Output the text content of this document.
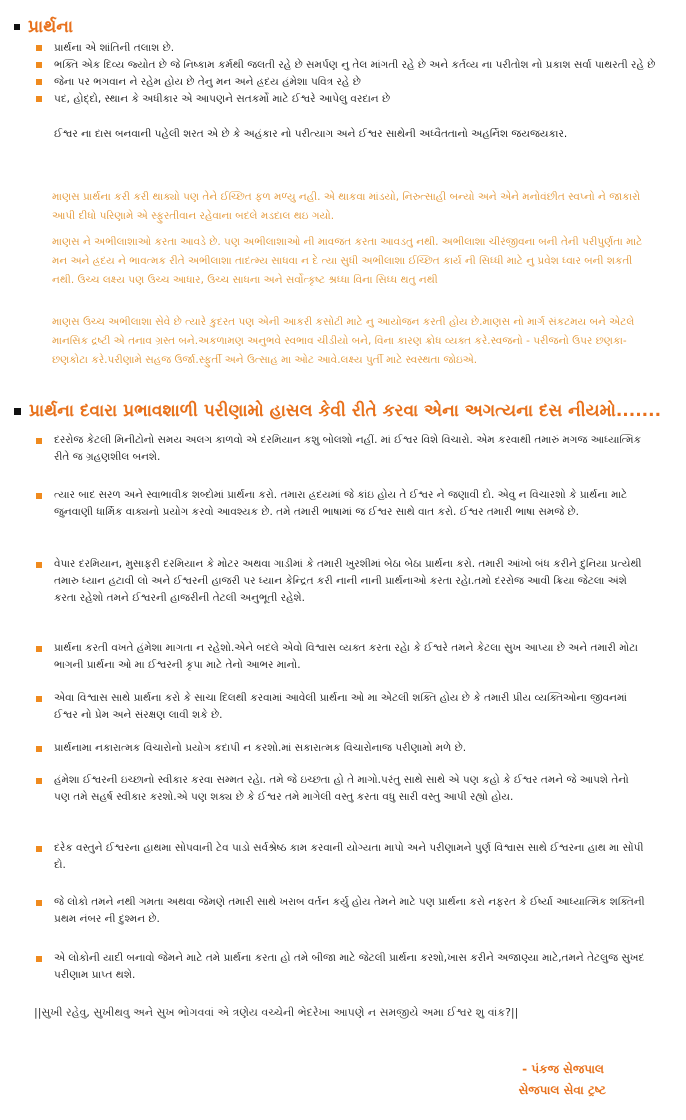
પ્રાર્થના
પ્રાર્થના એ શાંતિની તલાશ છે.
ભક્તિ એક દિવ્ય જ્યોત છે જે નિષ્કામ કર્મથી જલતી રહે છે સમર્પણ નુ તેલ માંગતી રહે છે અને કર્તવ્ય ના પરીતોશ નો પ્રકાશ સર્વા પાથરતી રહે છે
જેના પર ભગવાન ને રહેમ હોય છે તેનુ મન અને હ્રદય હંમેશા પવિત્ર રહે છે
પદ, હોદ્દો, સ્થાન કે અધીકાર એ આપણને સતકર્મો માટે ઈશ્વરે આપેલુ વરદાન છે
ઈશ્વર ના દાસ બનવાની પહેલી શરત એ છે કે અહંકાર નો પરીત્યાગ અને ઈશ્વર સાથેની અધ્વૈતતાનો અહર્નિશ જયજયકાર.
માણસ પ્રાર્થના કરી કરી થાક્યો પણ તેને ઈચ્છિત ફળ મળ્યુ નહી. એ થાકવા માંડયો, નિરુત્સાહી બન્યો અને એને મનોવંછીત સ્વપ્નો ને જાકારો આપી દીધો પરિણામે એ સ્ફુરતીવાન રહેવાના બદલે મડદાલ થઇ ગયો.
માણસ ને અભીલાશાઓ કરતા આવડે છે. પણ અભીલાશાઓ ની માવજત કરતા આવડતુ નથી. અભીલાશા ચીરંજીવના બની તેની પરીપુર્ણતા માટે મન અને હ્રદય ને ભાવત્મક રીતે અભીલાશા તાદત્મ્ય સાધવા ન દે ત્યા સુધી અભીલાશા ઈચ્છિત કાર્ય ની સિધ્ધી માટે નુ પ્રવેશ ધ્વાર બની શકતી નથી. ઉચ્ચ લક્ષ્ય પણ ઉચ્ચ આધાર, ઉચ્ચ સાધના અને સર્વોત્કૃષ્ટ શ્રધ્ધા વિના સિધ્ધ થતુ નથી
માણસ ઉચ્ચ અભીલાશા સેવે છે ત્યારે કુદરત પણ એની આકરી કસોટી માટે નુ આયોજન કરતી હોય છે.માણસ નો માર્ગ સંકટમય બને એટલે માનસિક દ્રષ્ટી એ તનાવ ગ્રસ્ત બને.અકળામણ અનુભવે સ્વભાવ ચીડીયો બને, વિના કારણ ક્રોધ વ્યક્ત કરે.સ્વજનો - પરીજનો ઉપર છણકા- છણકોટા કરે.પરીણામે સહજ ઉર્જા.સ્ફુર્તી અને ઉત્સાહ મા ઓટ આવે.લક્ષ્ય પુર્તી માટે સ્વસ્થતા જોઇએ.
પ્રાર્થના દવારા પ્રભાવશાળી પરીણામો હાસલ કેવી રીતે કરવા એના અગત્યના દસ નીયમો.......
દરરોજ કેટલી મિનીટોનો સમય અલગ કાળવો એ દરમિયાન કશુ બોલશો નહીં. માં ઈશ્વર વિશે વિચારો. એમ કરવાથી તમારું મગજ આધ્યાત્મિક રીતે જ ગ્રહણશીલ બનશે.
ત્યાર બાદ સરળ અને સ્વાભાવીક શબ્દોમાં પ્રાર્થના કરો. તમારા હ્રદયમાં જે કાંઇ હોય તે ઈશ્વર ને જણાવી દો. એવુ ન વિચારશો કે પ્રાર્થના માટે જુનવાણી ધાર્મિક વાક્યનો પ્રયોગ કરવો આવશ્યક છે. તમે તમારી ભાષામાં જ ઈશ્વર સાથે વાત કરો. ઈશ્વર તમારી ભાષા સમજે છે.
વેપાર દરમિયાન, મુસાફરી દરમિયાન કે મોટર અથવા ગાડીમાં કે તમારી ખુરશીમાં બેઠા બેઠા પ્રાર્થના કરો. તમારી આંખો બંધ કરીને દુનિયા પ્રત્યેથી તમારુ ધ્યાન હટાવી લો અને ઈશ્વરની હાજરી પર ધ્યાન કેન્દ્રિત કરી નાની નાની પ્રાર્થનાઓ કરતા રહેા.તમો દરરોજ આવી ક્રિયા જેટલા અંશે કરતા રહેશો તમને ઈશ્વરની હાજરીની તેટલી અનુભૂતી રહેશે.
પ્રાર્થના કરતી વખતે હંમેશા માગતા ન રહેશો.એને બદલે એવો વિશ્વાસ વ્યક્ત કરતા રહેા કે ઈશ્વરે તમને કેટલા સુખ આપ્યા છે અને તમારી મોટા ભાગની પ્રાર્થના ઓ મા ઈશ્વરની કૃપા માટે તેનો આભર માનો.
એવા વિશ્વાસ સાથે પ્રાર્થના કરો કે સાચા દિલથી કરવામાં આવેલી પ્રાર્થના ઓ મા એટલી શક્તિ હોય છે કે તમારી પ્રીય વ્યક્તિઓના જીવનમાં ઈશ્વર નો પ્રેમ અને સંરક્ષણ લાવી શકે છે.
પ્રાર્થનામા નકારાત્મક વિચારોનો પ્રયોગ કદાપી ન કરશો.માં સકારાત્મક વિચારોનાજ પરીણામો મળે છે.
હંમેશા ઈશ્વરની ઇચ્છાનો સ્વીકાર કરવા સમ્મત રહેા. તમે જે ઇચ્છતા હો તે માગો.પરંતુ સાથે સાથે એ પણ કહો કે ઈશ્વર તમને જે આપશે તેનો પણ તમે સહર્ષ સ્વીકાર કરશો.એ પણ શક્ય છે કે ઈશ્વર તમે માગેલી વસ્તુ કરતા વધુ સારી વસ્તુ આપી રહ્યો હોય.
દરેક વસ્તુને ઈશ્વરના હાથમા સોપવાની ટેવ પાડો સર્વશ્રેષ્ઠ કામ કરવાની યોગ્યતા માપો અને પરીણામને પુર્ણ વિશ્વાસ સાથે ઈશ્વરના હાથ મા સોંપી દો.
જે લોકો તમને નથી ગમતા અથવા જેમણે તમારી સાથે ખરાબ વર્તન કર્યુ હોય તેમને માટે પણ પ્રાર્થના કરો નફરત કે ઈર્ષ્યા આધ્યાત્મિક શક્તિની પ્રથમ નંબર ની દુશ્મન છે.
એ લોકોની યાદી બનાવો જેમને માટે તમે પ્રાર્થના કરતા હો તમે બીજા માટે જેટલી પ્રાર્થના કરશો,ખાસ કરીને અજાણ્યા માટે,તમને તેટલુજ સુખદ પરીણામ પ્રાપ્ત થશે.
||સુખી રહેવુ, સુખીથવુ અને સુખ ભોગવવાં એ ત્રણેય વચ્ચેની ભેદરેખા આપણે ન સમજીયે અમા ઈશ્વર શુ વાંક?||
- પંકજ સેજપાલ
સેજપાલ સેવા ટ્રષ્ટ
